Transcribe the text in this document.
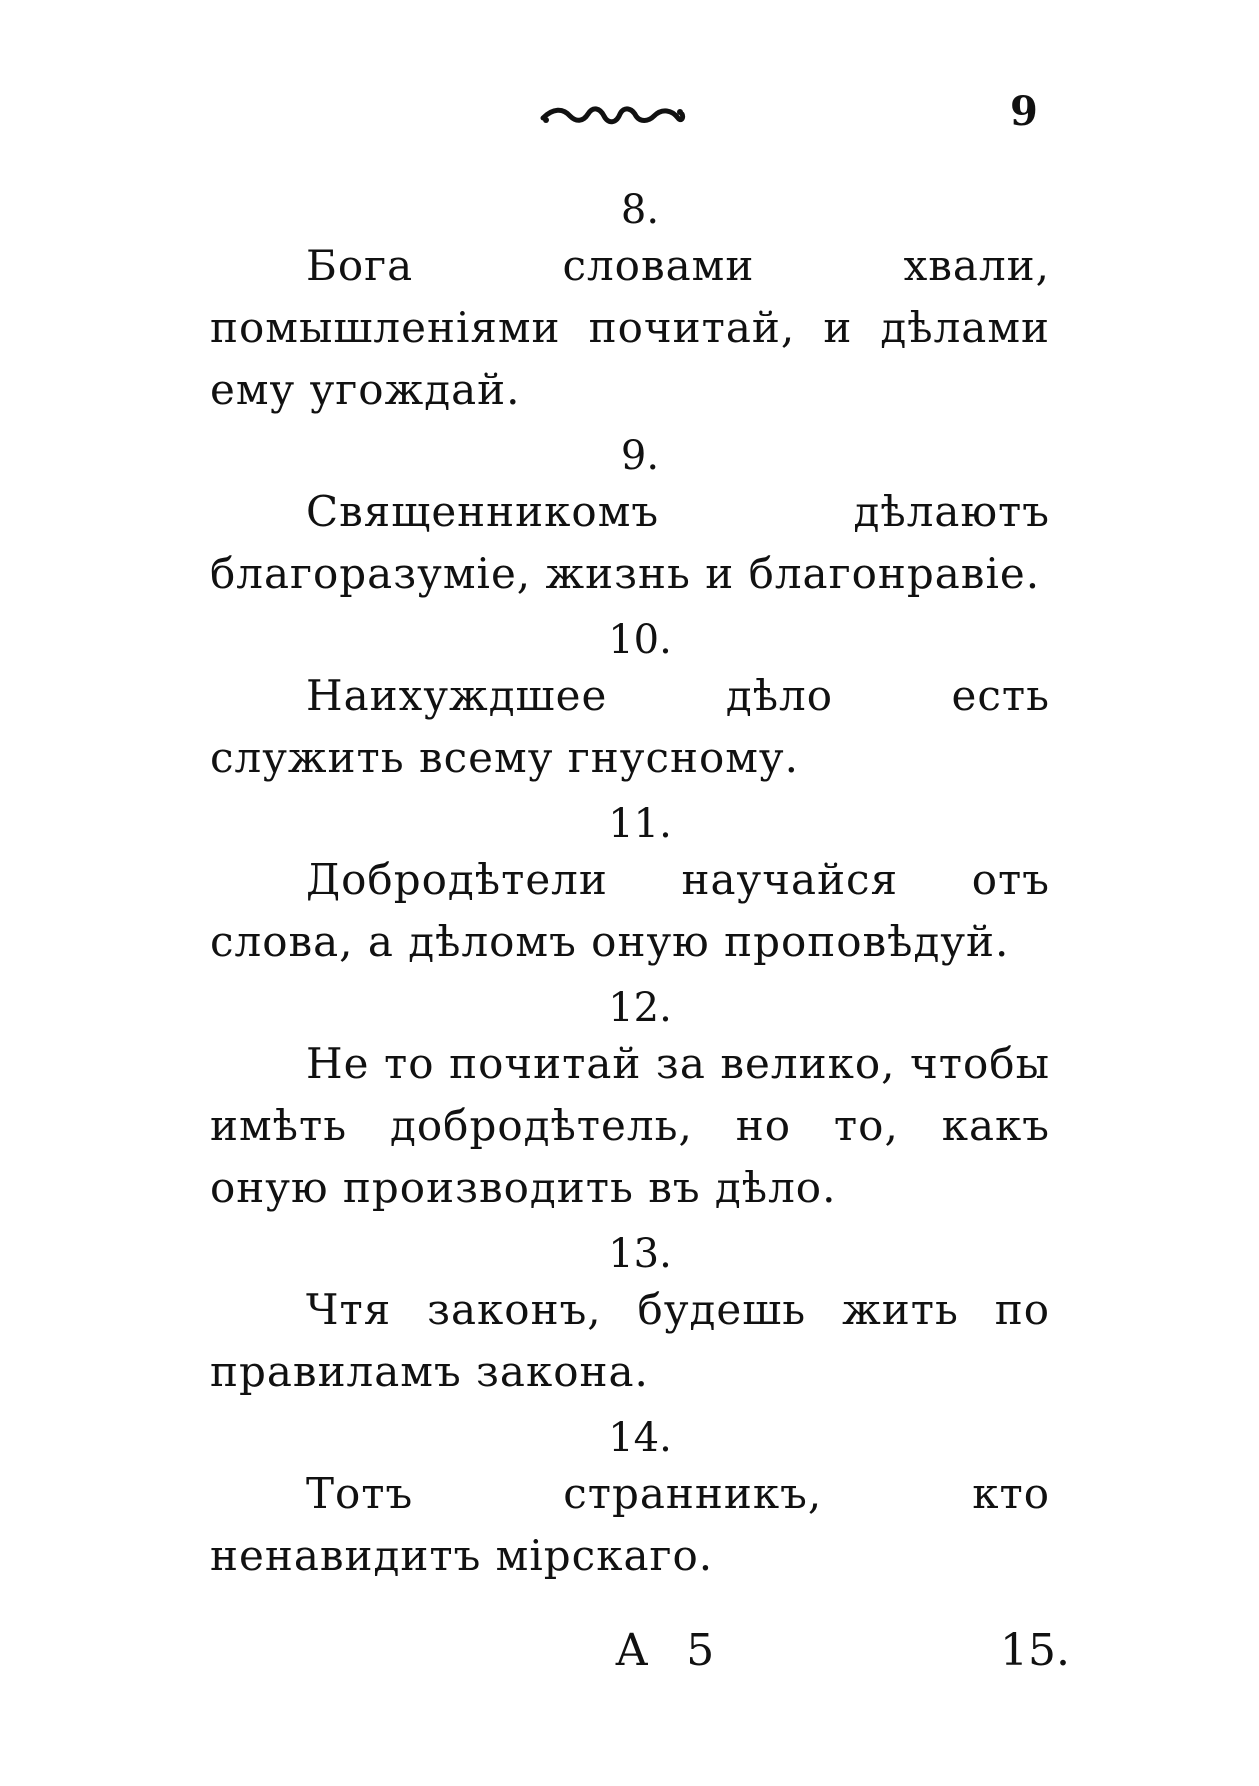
9

8.

Бога словами хвали, помышленіями почитай, и дѣлами ему угождай.

9.

Священникомъ дѣлаютъ благоразуміе, жизнь и благонравіе.

10.

Наихуждшее дѣло есть служить всему гнусному.

11.

Добродѣтели научайся отъ слова, а дѣломъ оную проповѣдуй.

12.

Не то почитай за велико, чтобы имѣть добродѣтель, но то, какъ оную производить въ дѣло.

13.

Чтя законъ, будешь жить по правиламъ закона.

14.

Тотъ странникъ, кто ненавидитъ мірскаго.

А 5	15.
